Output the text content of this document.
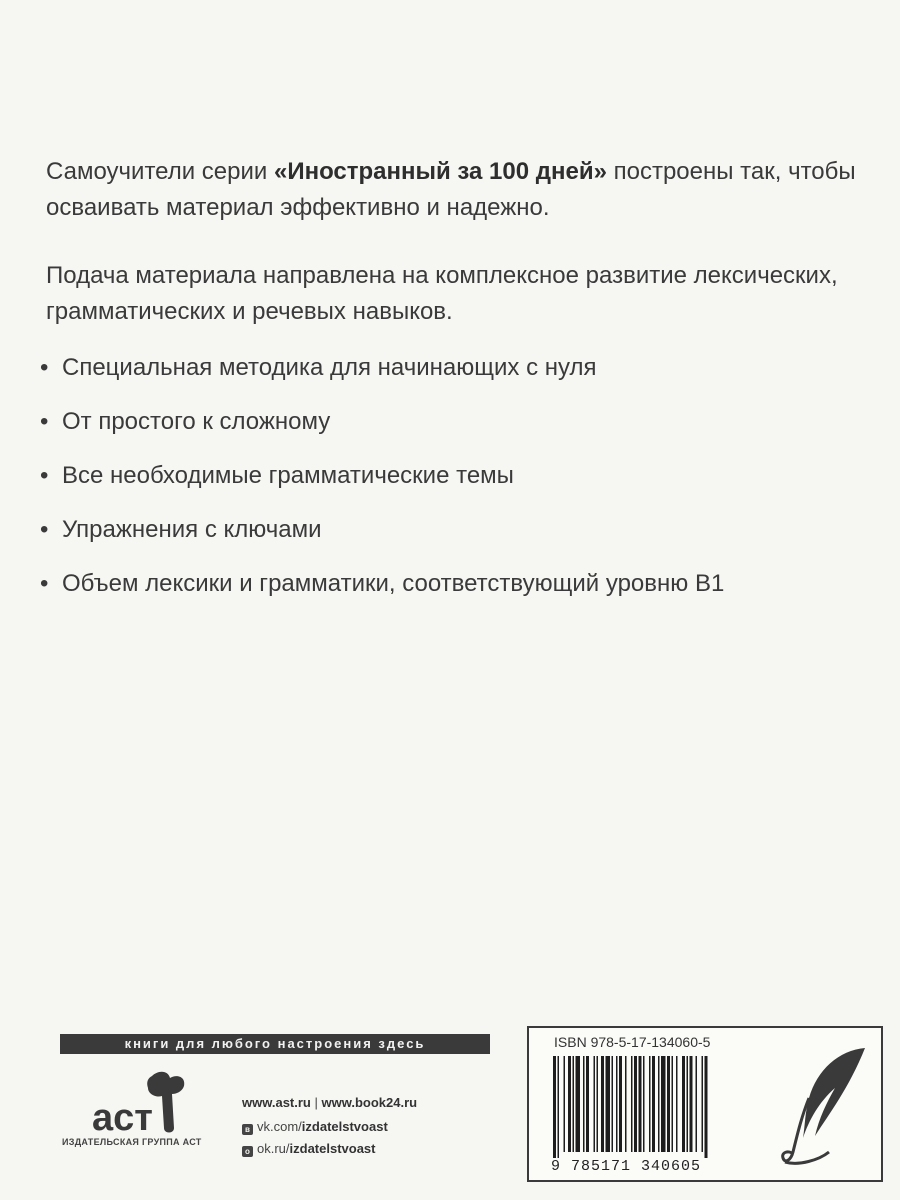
Самоучители серии «Иностранный за 100 дней» построены так, чтобы осваивать материал эффективно и надежно.

Подача материала направлена на комплексное развитие лексических, грамматических и речевых навыков.

• Специальная методика для начинающих с нуля
• От простого к сложному
• Все необходимые грамматические темы
• Упражнения с ключами
• Объем лексики и грамматики, соответствующий уровню В1
книги для любого настроения здесь
аст
ИЗДАТЕЛЬСКАЯ ГРУППА АСТ
www.ast.ru | www.book24.ru
в vk.com/izdatelstvoast
о ok.ru/izdatelstvoast
ISBN 978-5-17-134060-5
9 785171 340605
